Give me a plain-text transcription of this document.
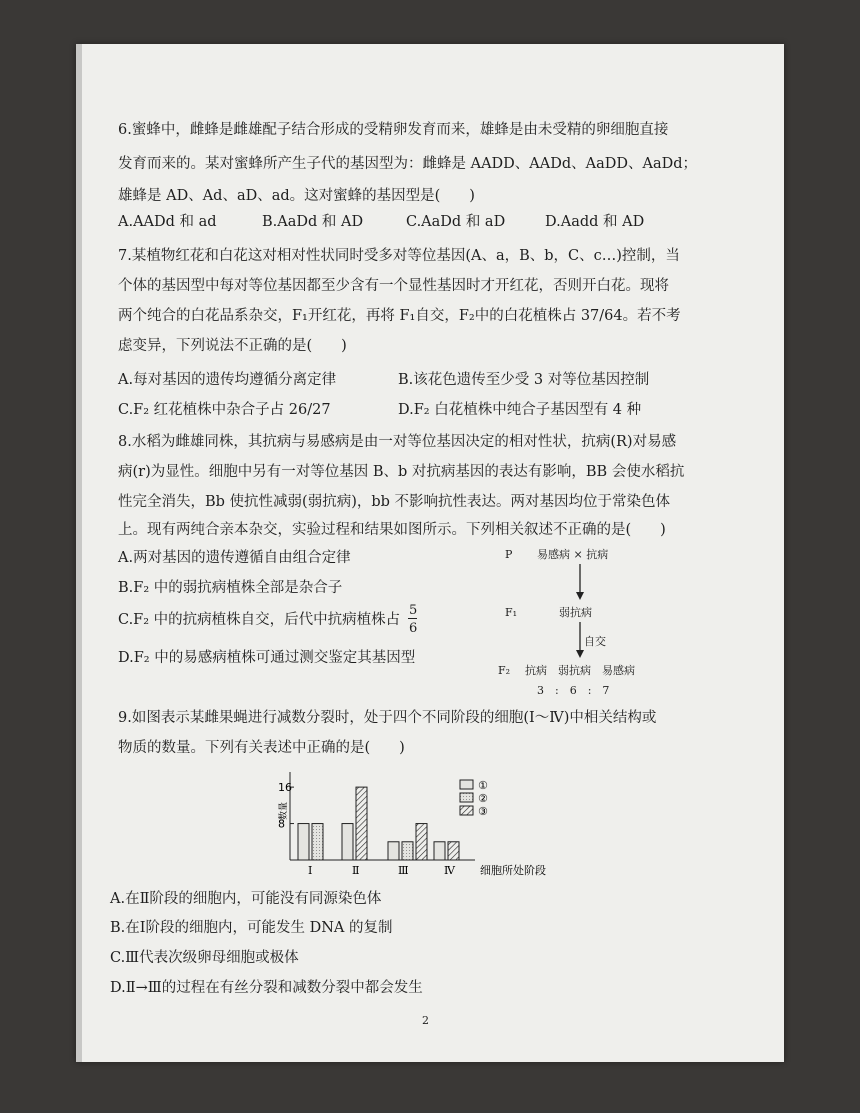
6.蜜蜂中，雌蜂是雌雄配子结合形成的受精卵发育而来，雄蜂是由未受精的卵细胞直接
发育而来的。某对蜜蜂所产生子代的基因型为：雌蜂是 AADD、AADd、AaDD、AaDd；
雄蜂是 AD、Ad、aD、ad。这对蜜蜂的基因型是(　　)
A.AADd 和 ad	B.AaDd 和 AD	C.AaDd 和 aD	D.Aadd 和 AD
7.某植物红花和白花这对相对性状同时受多对等位基因(A、a，B、b，C、c…)控制，当
个体的基因型中每对等位基因都至少含有一个显性基因时才开红花，否则开白花。现将
两个纯合的白花品系杂交，F₁开红花，再将 F₁自交，F₂中的白花植株占 37/64。若不考
虑变异，下列说法不正确的是(　　)
A.每对基因的遗传均遵循分离定律	B.该花色遗传至少受 3 对等位基因控制
C.F₂ 红花植株中杂合子占 26/27	D.F₂ 白花植株中纯合子基因型有 4 种
8.水稻为雌雄同株，其抗病与易感病是由一对等位基因决定的相对性状，抗病(R)对易感
病(r)为显性。细胞中另有一对等位基因 B、b 对抗病基因的表达有影响，BB 会使水稻抗
性完全消失，Bb 使抗性减弱(弱抗病)，bb 不影响抗性表达。两对基因均位于常染色体
上。现有两纯合亲本杂交，实验过程和结果如图所示。下列相关叙述不正确的是(　　)
A.两对基因的遗传遵循自由组合定律
B.F₂ 中的弱抗病植株全部是杂合子
C.F₂ 中的抗病植株自交，后代中抗病植株占
5
6
D.F₂ 中的易感病植株可通过测交鉴定其基因型
P 易感病 × 抗病
F₁	弱抗病
自交
F₂ 抗病　弱抗病　易感病
3　:　6　:　7
9.如图表示某雌果蝇进行减数分裂时，处于四个不同阶段的细胞(Ⅰ～Ⅳ)中相关结构或
物质的数量。下列有关表述中正确的是(　　)
数量
16
8
Ⅰ	Ⅱ	Ⅲ	Ⅳ 细胞所处阶段
①
②
③
A.在Ⅱ阶段的细胞内，可能没有同源染色体
B.在Ⅰ阶段的细胞内，可能发生 DNA 的复制
C.Ⅲ代表次级卵母细胞或极体
D.Ⅱ→Ⅲ的过程在有丝分裂和减数分裂中都会发生
2
